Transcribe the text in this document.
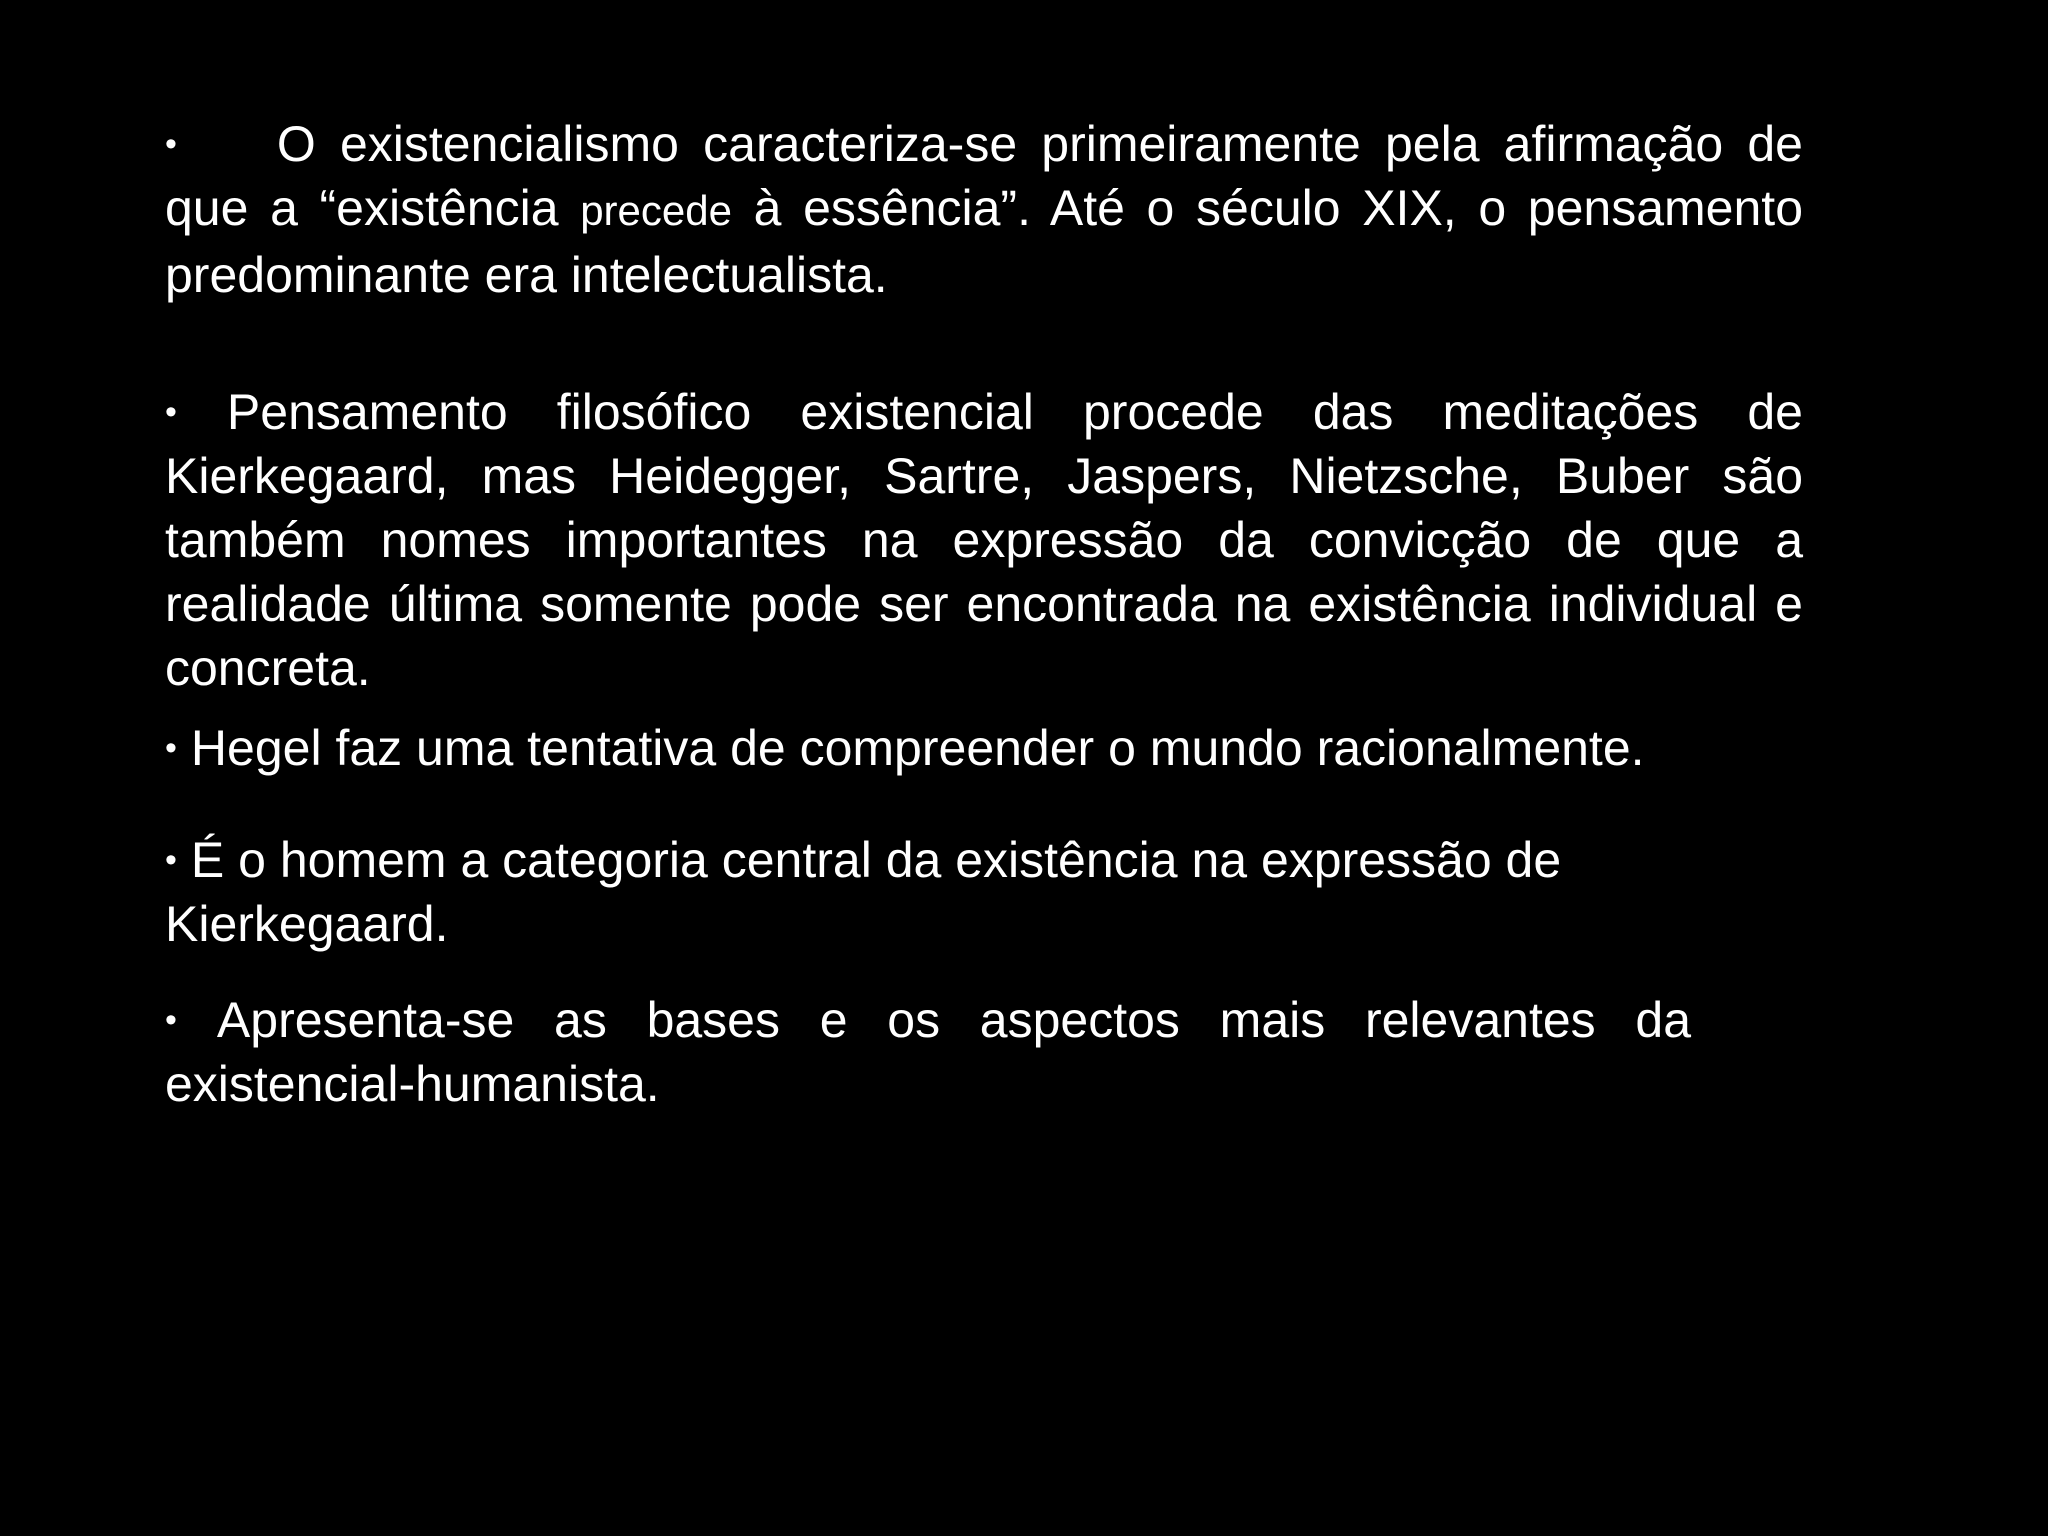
• O existencialismo caracteriza-se primeiramente pela afirmação de que a “existência precede à essência”. Até o século XIX, o pensamento predominante era intelectualista.

• Pensamento filosófico existencial procede das meditações de Kierkegaard, mas Heidegger, Sartre, Jaspers, Nietzsche, Buber são também nomes importantes na expressão da convicção de que a realidade última somente pode ser encontrada na existência individual e concreta.

• Hegel faz uma tentativa de compreender o mundo racionalmente.

• É o homem a categoria central da existência na expressão de
Kierkegaard.

• Apresenta-se as bases e os aspectos mais relevantes da existencial-humanista.
